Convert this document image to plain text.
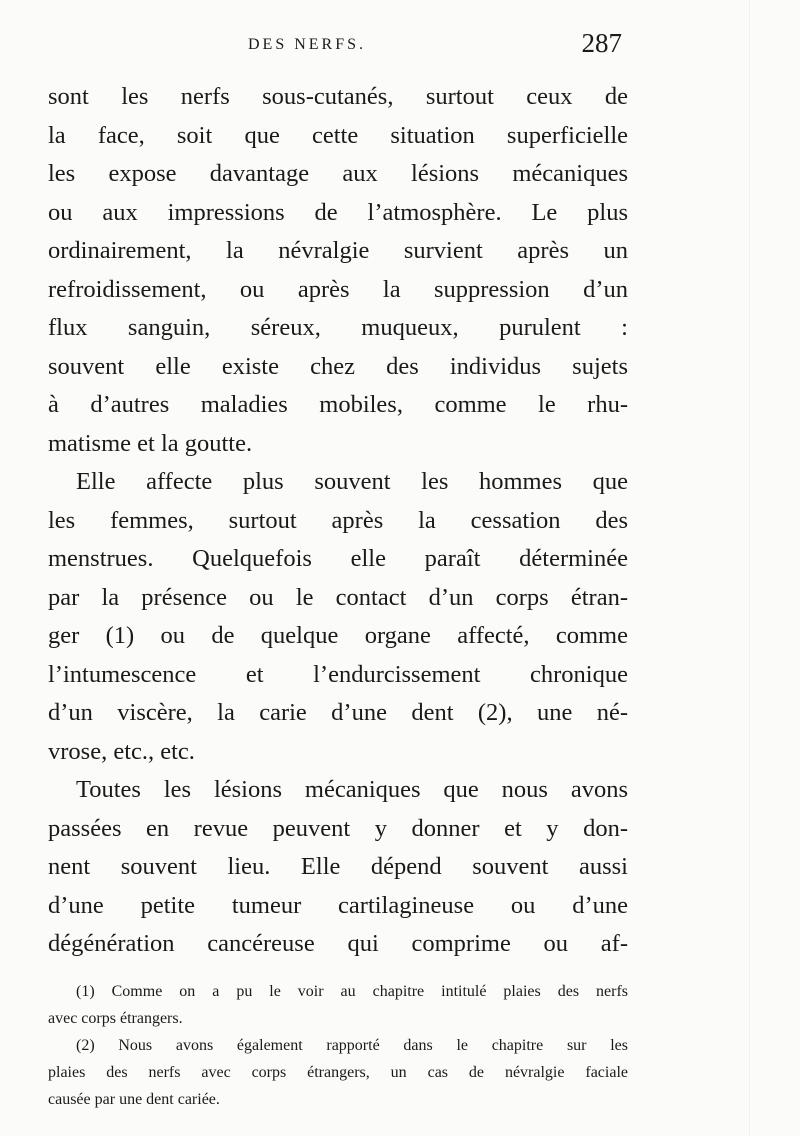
DES NERFS.	287
sont les nerfs sous-cutanés, surtout ceux de
la face, soit que cette situation superficielle
les expose davantage aux lésions mécaniques
ou aux impressions de l’atmosphère. Le plus
ordinairement, la névralgie survient après un
refroidissement, ou après la suppression d’un
flux sanguin, séreux, muqueux, purulent :
souvent elle existe chez des individus sujets
à d’autres maladies mobiles, comme le rhu-
matisme et la goutte.
Elle affecte plus souvent les hommes que
les femmes, surtout après la cessation des
menstrues. Quelquefois elle paraît déterminée
par la présence ou le contact d’un corps étran-
ger (1) ou de quelque organe affecté, comme
l’intumescence et l’endurcissement chronique
d’un viscère, la carie d’une dent (2), une né-
vrose, etc., etc.
Toutes les lésions mécaniques que nous avons
passées en revue peuvent y donner et y don-
nent souvent lieu. Elle dépend souvent aussi
d’une petite tumeur cartilagineuse ou d’une
dégénération cancéreuse qui comprime ou af-
(1) Comme on a pu le voir au chapitre intitulé plaies des nerfs
avec corps étrangers.
(2) Nous avons également rapporté dans le chapitre sur les
plaies des nerfs avec corps étrangers, un cas de névralgie faciale
causée par une dent cariée.
